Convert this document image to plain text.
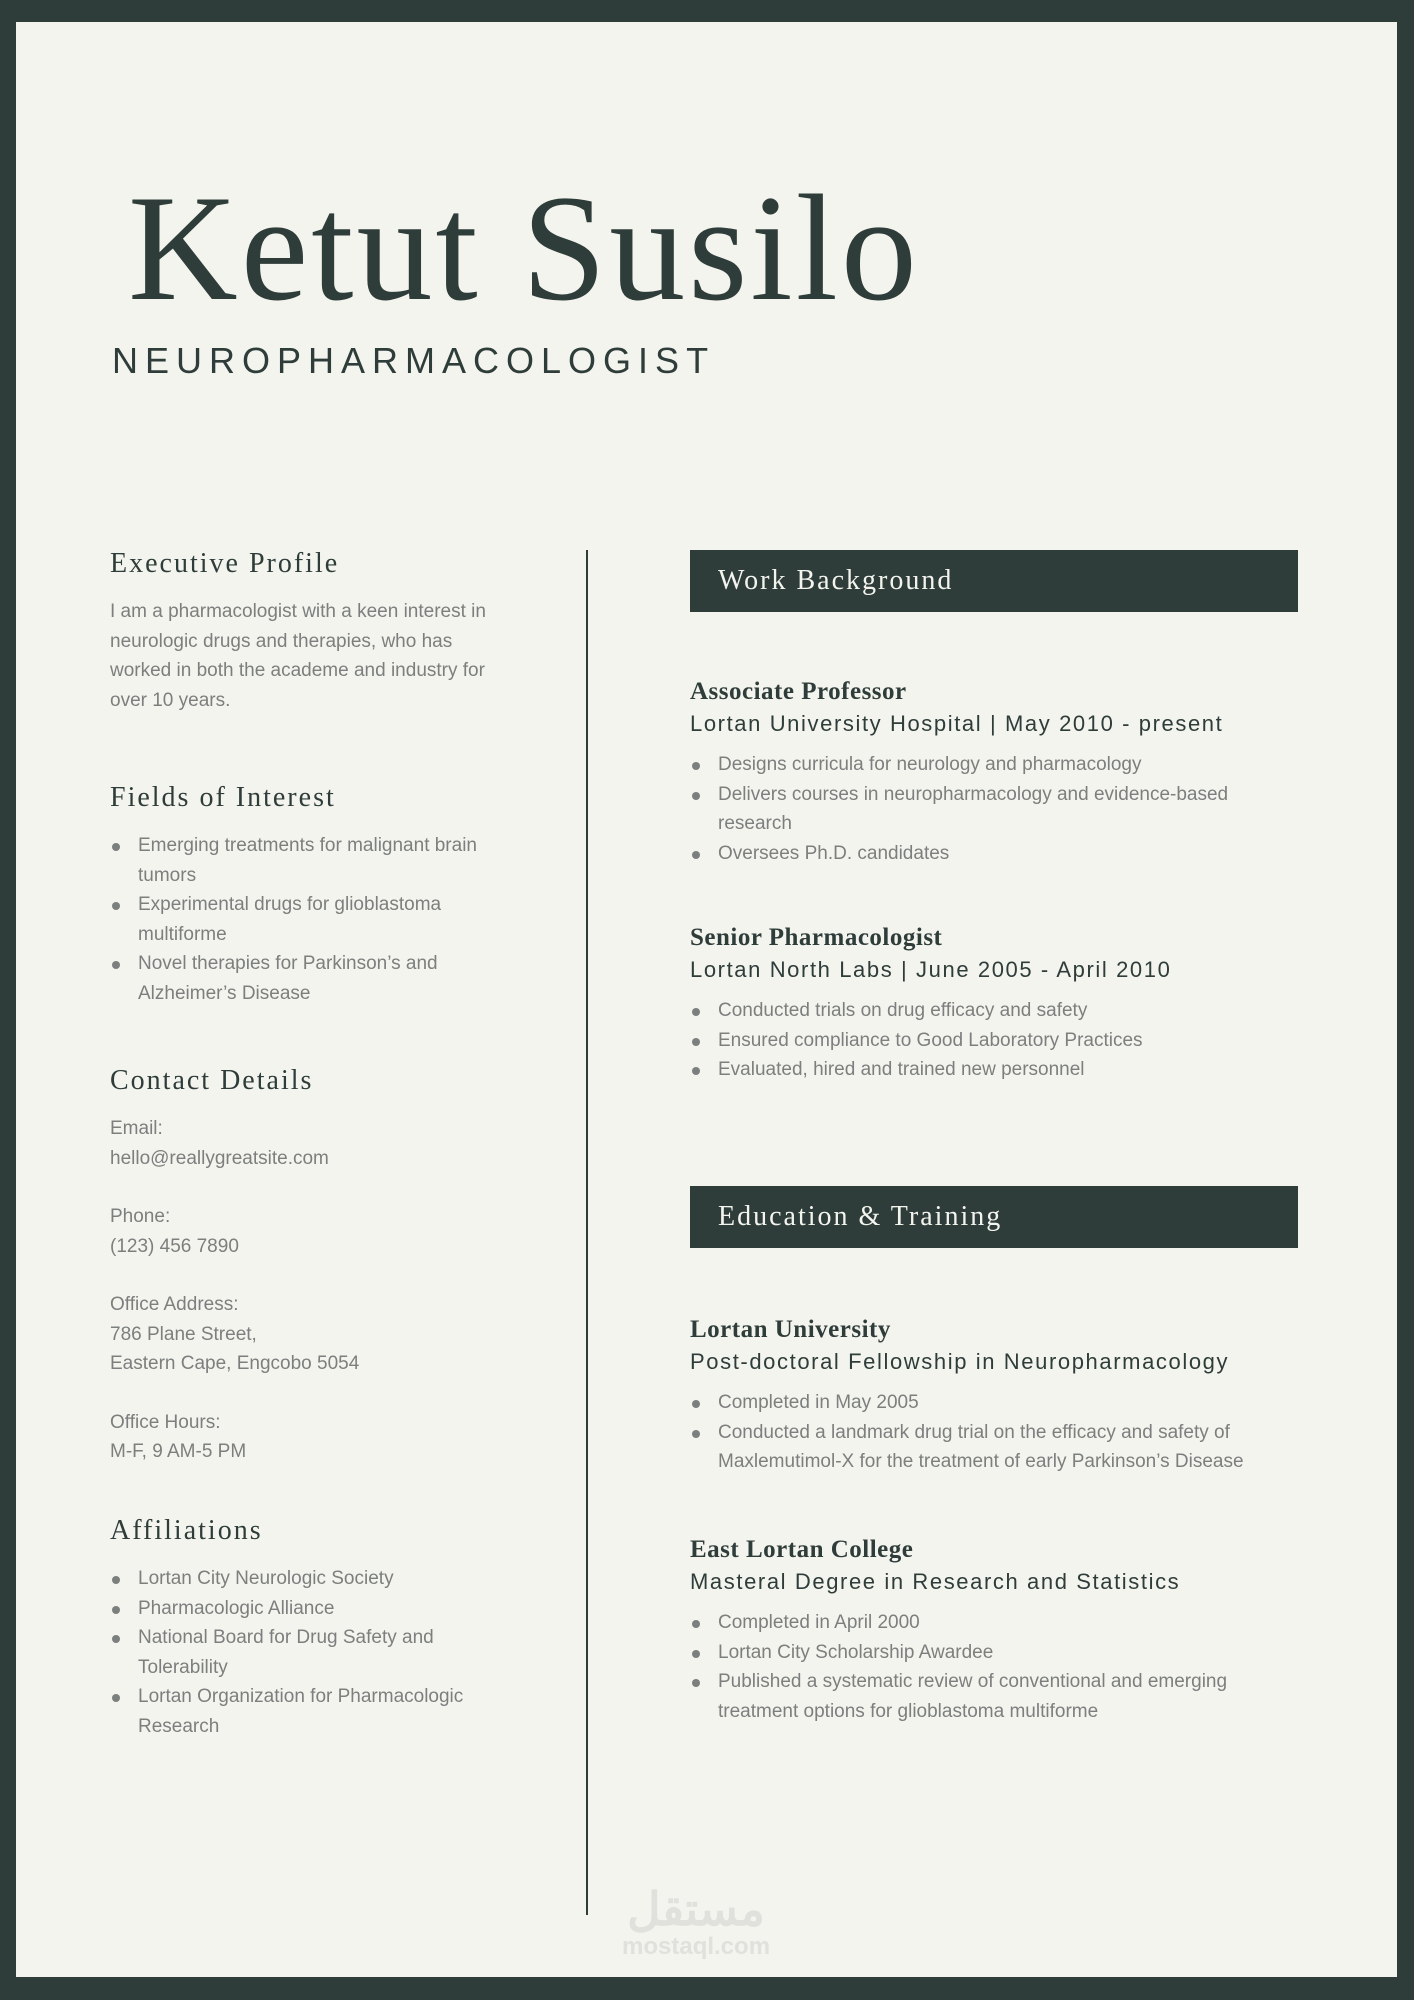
Ketut Susilo
NEUROPHARMACOLOGIST
Executive Profile
I am a pharmacologist with a keen interest in neurologic drugs and therapies, who has worked in both the academe and industry for over 10 years.
Fields of Interest
Emerging treatments for malignant brain tumors
Experimental drugs for glioblastoma multiforme
Novel therapies for Parkinson’s and Alzheimer’s Disease
Contact Details
Email:
hello@reallygreatsite.com
Phone:
(123) 456 7890
Office Address:
786 Plane Street,
Eastern Cape, Engcobo 5054
Office Hours:
M-F, 9 AM-5 PM
Affiliations
Lortan City Neurologic Society
Pharmacologic Alliance
National Board for Drug Safety and Tolerability
Lortan Organization for Pharmacologic Research
Work Background
Associate Professor
Lortan University Hospital | May 2010 - present
Designs curricula for neurology and pharmacology
Delivers courses in neuropharmacology and evidence-based research
Oversees Ph.D. candidates
Senior Pharmacologist
Lortan North Labs | June 2005 - April 2010
Conducted trials on drug efficacy and safety
Ensured compliance to Good Laboratory Practices
Evaluated, hired and trained new personnel
Education & Training
Lortan University
Post-doctoral Fellowship in Neuropharmacology
Completed in May 2005
Conducted a landmark drug trial on the efficacy and safety of Maxlemutimol-X for the treatment of early Parkinson’s Disease
East Lortan College
Masteral Degree in Research and Statistics
Completed in April 2000
Lortan City Scholarship Awardee
Published a systematic review of conventional and emerging treatment options for glioblastoma multiforme
مستقل
mostaql.com
